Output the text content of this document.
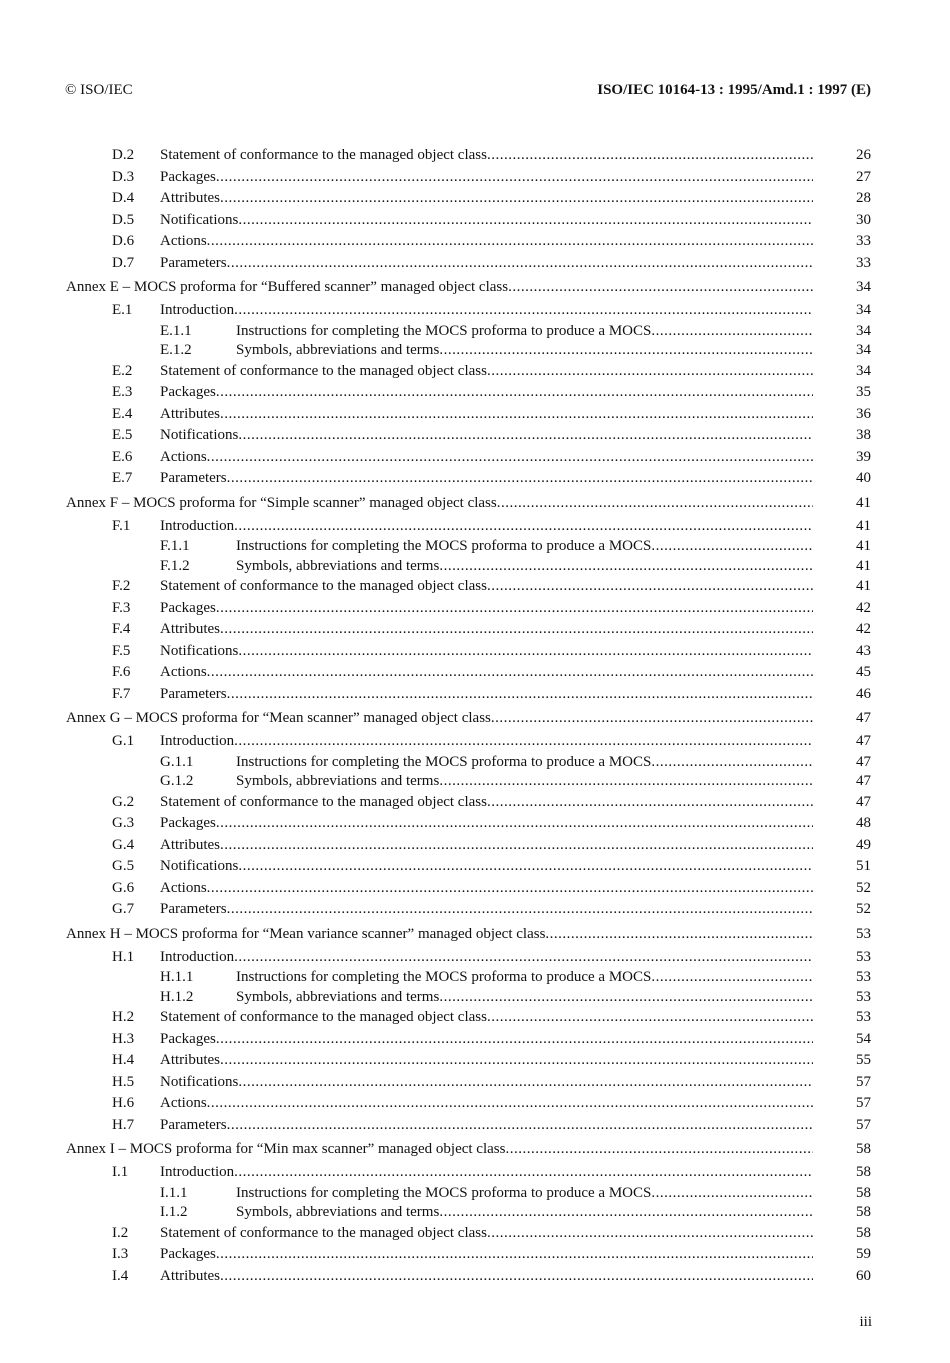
© ISO/IEC	ISO/IEC 10164-13 : 1995/Amd.1 : 1997 (E)
D.2 Statement of conformance to the managed object class .....	26
D.3 Packages .....	27
D.4 Attributes .....	28
D.5 Notifications .....	30
D.6 Actions .....	33
D.7 Parameters .....	33
Annex E – MOCS proforma for “Buffered scanner” managed object class .....	34
E.1 Introduction .....	34
E.1.1	Instructions for completing the MOCS proforma to produce a MOCS .....	34
E.1.2	Symbols, abbreviations and terms .....	34
E.2 Statement of conformance to the managed object class .....	34
E.3 Packages .....	35
E.4 Attributes .....	36
E.5 Notifications .....	38
E.6 Actions .....	39
E.7 Parameters .....	40
Annex F – MOCS proforma for “Simple scanner” managed object class .....	41
F.1 Introduction .....	41
F.1.1	Instructions for completing the MOCS proforma to produce a MOCS .....	41
F.1.2	Symbols, abbreviations and terms .....	41
F.2 Statement of conformance to the managed object class .....	41
F.3 Packages .....	42
F.4 Attributes .....	42
F.5 Notifications .....	43
F.6 Actions .....	45
F.7 Parameters .....	46
Annex G – MOCS proforma for “Mean scanner” managed object class .....	47
G.1 Introduction .....	47
G.1.1	Instructions for completing the MOCS proforma to produce a MOCS .....	47
G.1.2	Symbols, abbreviations and terms .....	47
G.2 Statement of conformance to the managed object class .....	47
G.3 Packages .....	48
G.4 Attributes .....	49
G.5 Notifications .....	51
G.6 Actions .....	52
G.7 Parameters .....	52
Annex H – MOCS proforma for “Mean variance scanner” managed object class .....	53
H.1 Introduction .....	53
H.1.1	Instructions for completing the MOCS proforma to produce a MOCS .....	53
H.1.2	Symbols, abbreviations and terms .....	53
H.2 Statement of conformance to the managed object class .....	53
H.3 Packages .....	54
H.4 Attributes .....	55
H.5 Notifications .....	57
H.6 Actions .....	57
H.7 Parameters .....	57
Annex I – MOCS proforma for “Min max scanner” managed object class .....	58
I.1 Introduction .....	58
I.1.1	Instructions for completing the MOCS proforma to produce a MOCS .....	58
I.1.2	Symbols, abbreviations and terms .....	58
I.2 Statement of conformance to the managed object class .....	58
I.3 Packages .....	59
I.4 Attributes .....	60
iii
